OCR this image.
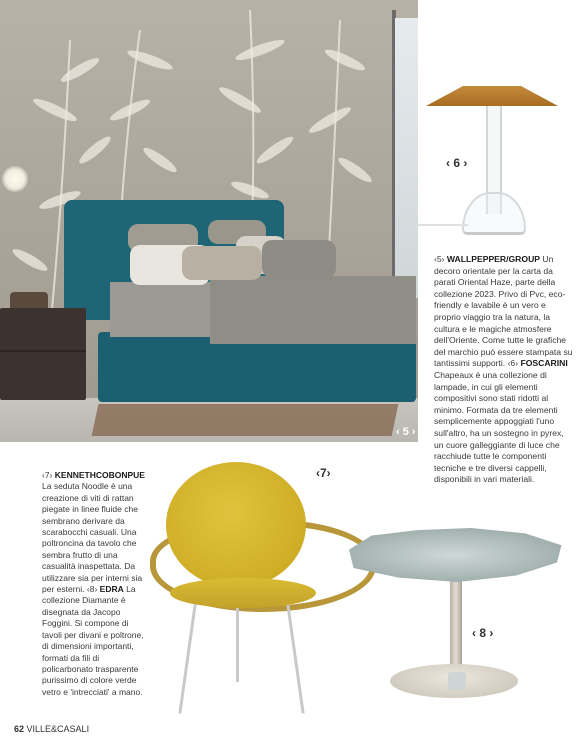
‹ 5 ›
‹ 6 ›
‹5› WALLPEPPER/GROUP Un decoro orientale per la carta da parati Oriental Haze, parte della collezione 2023. Privo di Pvc, eco-friendly e lavabile è un vero e proprio viaggio tra la natura, la cultura e le magiche atmosfere dell'Oriente. Come tutte le grafiche del marchio può essere stampata su tantissimi supporti. ‹6› FOSCARINI Chapeaux è una collezione di lampade, in cui gli elementi compositivi sono stati ridotti al minimo. Formata da tre elementi semplicemente appoggiati l'uno sull'altro, ha un sostegno in pyrex, un cuore galleggiante di luce che racchiude tutte le componenti tecniche e tre diversi cappelli, disponibili in vari materiali.
‹7› KENNETHCOBONPUE La seduta Noodle è una creazione di viti di rattan piegate in linee fluide che sembrano derivare da scarabocchi casuali. Una poltroncina da tavolo che sembra frutto di una casualità inaspettata. Da utilizzare sia per interni sia per esterni. ‹8› EDRA La collezione Diamante è disegnata da Jacopo Foggini. Si compone di tavoli per divani e poltrone, di dimensioni importanti, formati da fili di policarbonato trasparente purissimo di colore verde vetro e 'intrecciati' a mano.
‹7›
‹ 8 ›
62 VILLE&CASALI
